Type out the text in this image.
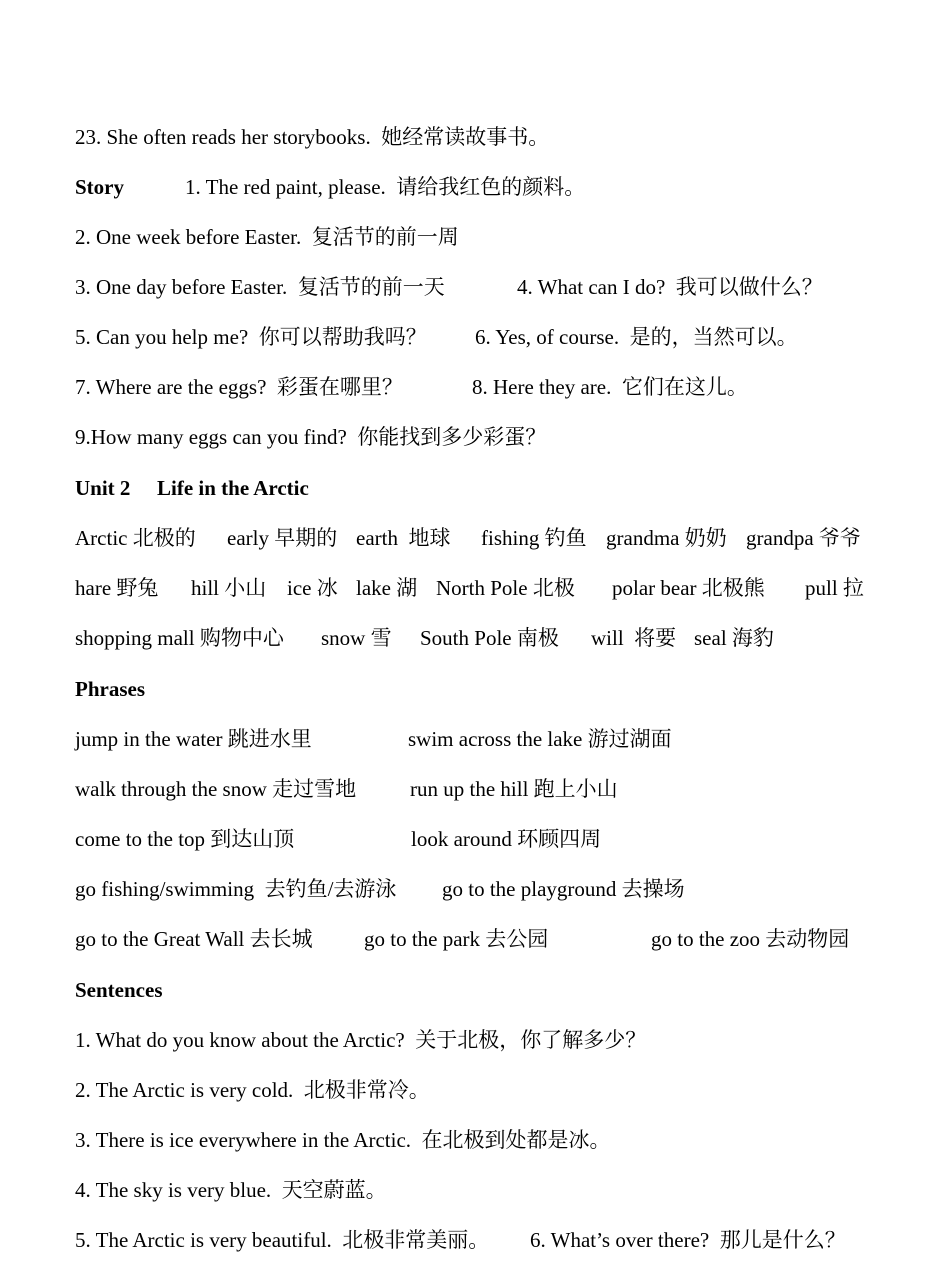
23. She often reads her storybooks.  她经常读故事书。
Story	1. The red paint, please.  请给我红色的颜料。
2. One week before Easter.  复活节的前一周
3. One day before Easter.  复活节的前一天	4. What can I do?  我可以做什么？
5. Can you help me?  你可以帮助我吗？ 6. Yes, of course.  是的，当然可以。
7. Where are the eggs?  彩蛋在哪里？	8. Here they are.  它们在这儿。
9.How many eggs can you find?  你能找到多少彩蛋？
Unit 2 Life in the Arctic
Arctic 北极的 early 早期的 earth  地球 fishing 钓鱼 grandma 奶奶 grandpa 爷爷
hare 野兔 hill 小山 ice 冰 lake 湖 North Pole 北极 polar bear 北极熊 pull 拉
shopping mall 购物中心 snow 雪 South Pole 南极 will  将要 seal 海豹
Phrases
jump in the water 跳进水里	swim across the lake 游过湖面
walk through the snow 走过雪地	run up the hill 跑上小山
come to the top 到达山顶	look around 环顾四周
go fishing/swimming  去钓鱼/去游泳 go to the playground 去操场
go to the Great Wall 去长城 go to the park 去公园	go to the zoo 去动物园
Sentences
1. What do you know about the Arctic?  关于北极，你了解多少？
2. The Arctic is very cold.  北极非常冷。
3. There is ice everywhere in the Arctic.  在北极到处都是冰。
4. The sky is very blue.  天空蔚蓝。
5. The Arctic is very beautiful.  北极非常美丽。 6. What’s over there?  那儿是什么？
